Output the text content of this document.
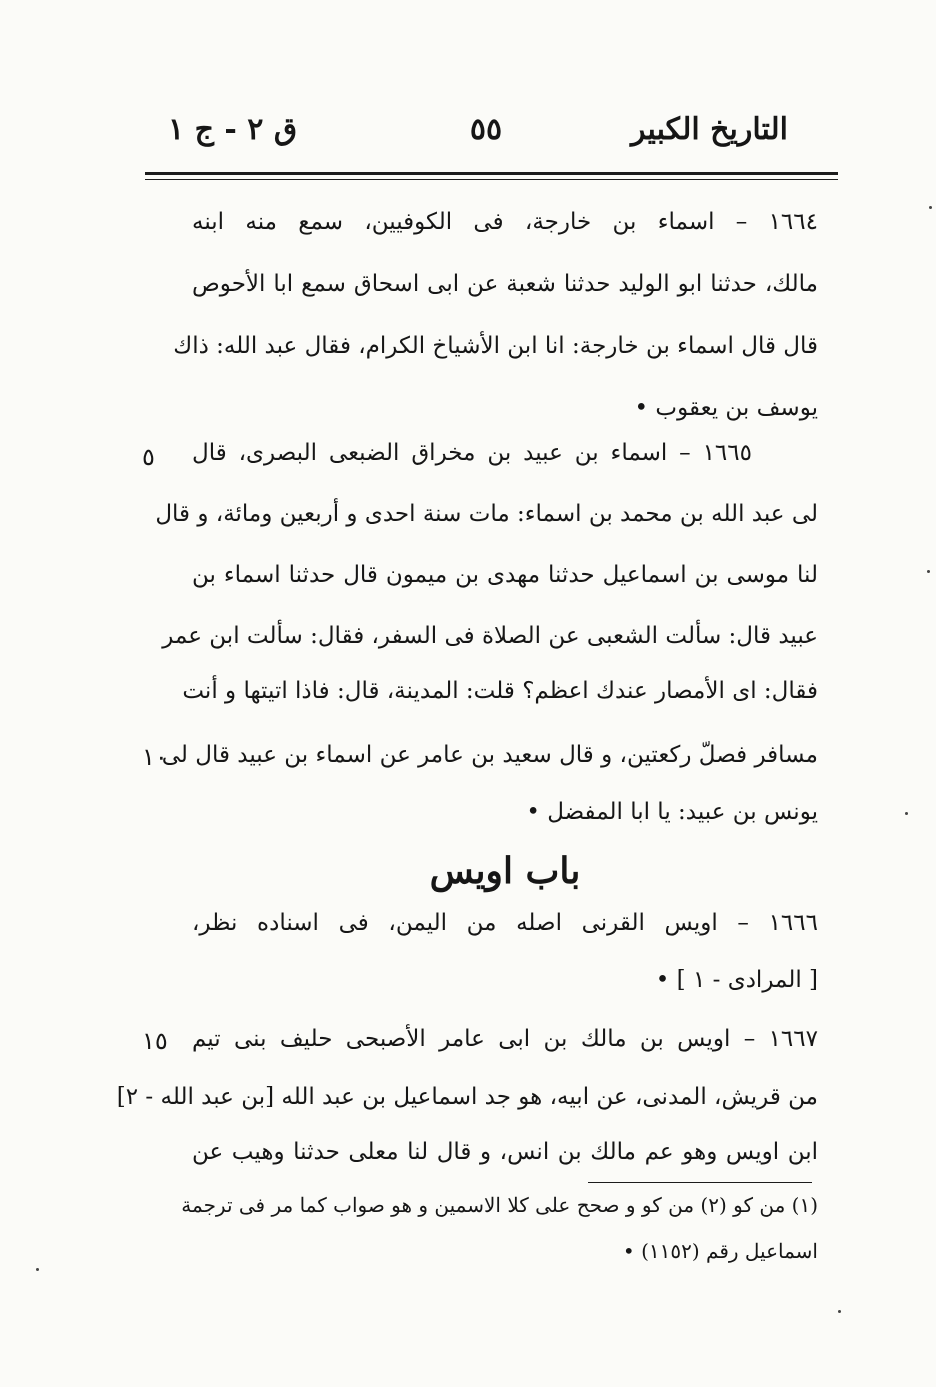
التاريخ الكبير
٥٥
ق ٢ - ج ١
١٦٦٤ – اسماء بن خارجة، فى الكوفيين، سمع منه ابنه
مالك، حدثنا ابو الوليد حدثنا شعبة عن ابى اسحاق سمع ابا الأحوص
قال قال اسماء بن خارجة: انا ابن الأشياخ الكرام، فقال عبد الله: ذاك
يوسف بن يعقوب •
١٦٦٥ – اسماء بن عبيد بن مخراق الضبعى البصرى، قال
لى عبد الله بن محمد بن اسماء: مات سنة احدى و أربعين ومائة، و قال
لنا موسى بن اسماعيل حدثنا مهدى بن ميمون قال حدثنا اسماء بن
عبيد قال: سألت الشعبى عن الصلاة فى السفر، فقال: سألت ابن عمر
فقال: اى الأمصار عندك اعظم؟ قلت: المدينة، قال: فاذا اتيتها و أنت
مسافر فصلّ ركعتين، و قال سعيد بن عامر عن اسماء بن عبيد قال لى
يونس بن عبيد: يا ابا المفضل •
باب اويس
١٦٦٦ – اويس القرنى اصله من اليمن، فى اسناده نظر،
[ المرادى - ١ ] •
١٦٦٧ – اويس بن مالك بن ابى عامر الأصبحى حليف بنى تيم
من قريش، المدنى، عن ابيه، هو جد اسماعيل بن عبد الله [بن عبد الله - ٢]
ابن اويس وهو عم مالك بن انس، و قال لنا معلى حدثنا وهيب عن
٥
١٠
١٥
(١) من كو (٢) من كو و صحح على كلا الاسمين و هو صواب كما مر فى ترجمة
اسماعيل رقم (١١٥٢) •
